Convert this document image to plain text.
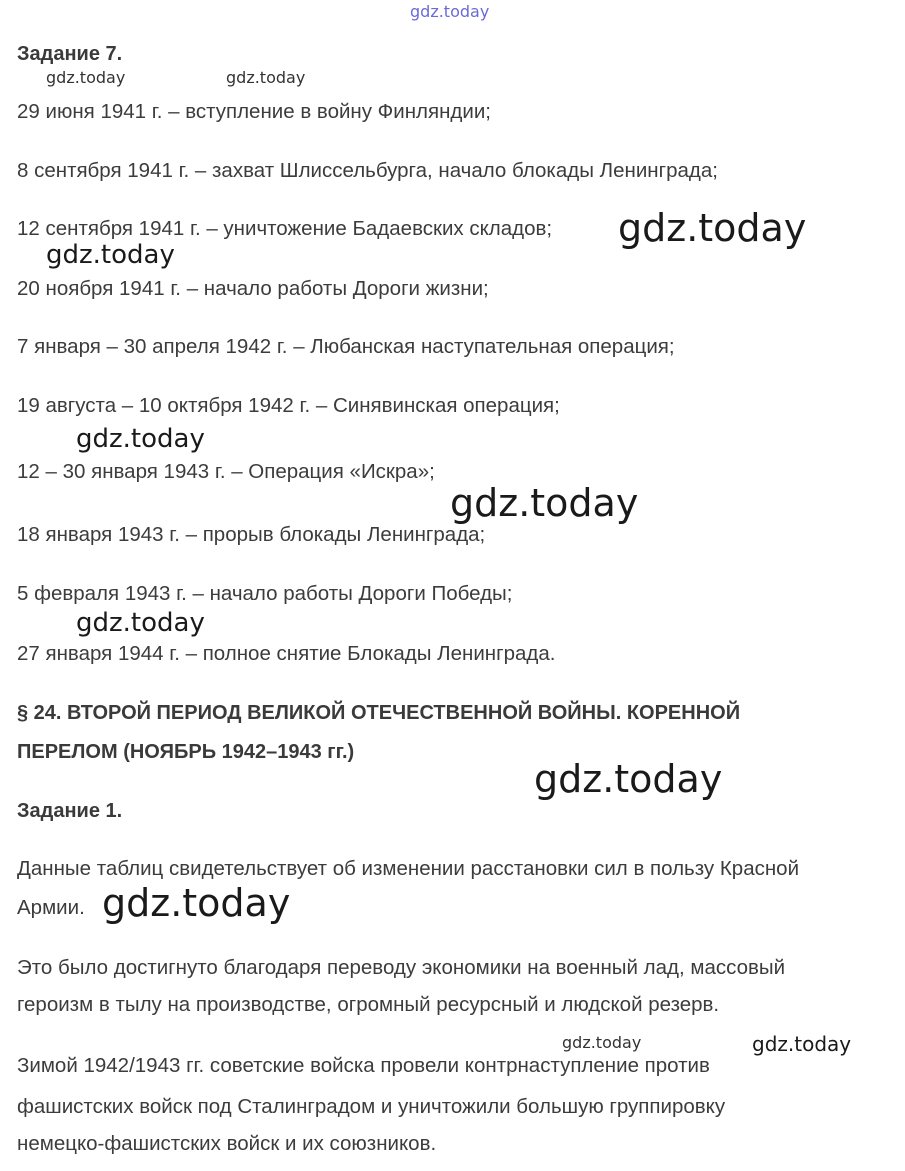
Задание 7.

29 июня 1941 г. – вступление в войну Финляндии;

8 сентября 1941 г. – захват Шлиссельбурга, начало блокады Ленинграда;

12 сентября 1941 г. – уничтожение Бадаевских складов;

20 ноября 1941 г. – начало работы Дороги жизни;

7 января – 30 апреля 1942 г. – Любанская наступательная операция;

19 августа – 10 октября 1942 г. – Синявинская операция;

12 – 30 января 1943 г. – Операция «Искра»;

18 января 1943 г. – прорыв блокады Ленинграда;

5 февраля 1943 г. – начало работы Дороги Победы;

27 января 1944 г. – полное снятие Блокады Ленинграда.

§ 24. ВТОРОЙ ПЕРИОД ВЕЛИКОЙ ОТЕЧЕСТВЕННОЙ ВОЙНЫ. КОРЕННОЙ

ПЕРЕЛОМ (НОЯБРЬ 1942–1943 гг.)

Задание 1.

Данные таблиц свидетельствует об изменении расстановки сил в пользу Красной

Армии.

Это было достигнуто благодаря переводу экономики на военный лад, массовый

героизм в тылу на производстве, огромный ресурсный и людской резерв.

Зимой 1942/1943 гг. советские войска провели контрнаступление против

фашистских войск под Сталинградом и уничтожили большую группировку

немецко-фашистских войск и их союзников.

gdz.today
gdz.today	gdz.today
gdz.today
gdz.today
gdz.today
gdz.today
gdz.today
gdz.today
gdz.today
gdz.today	gdz.today
